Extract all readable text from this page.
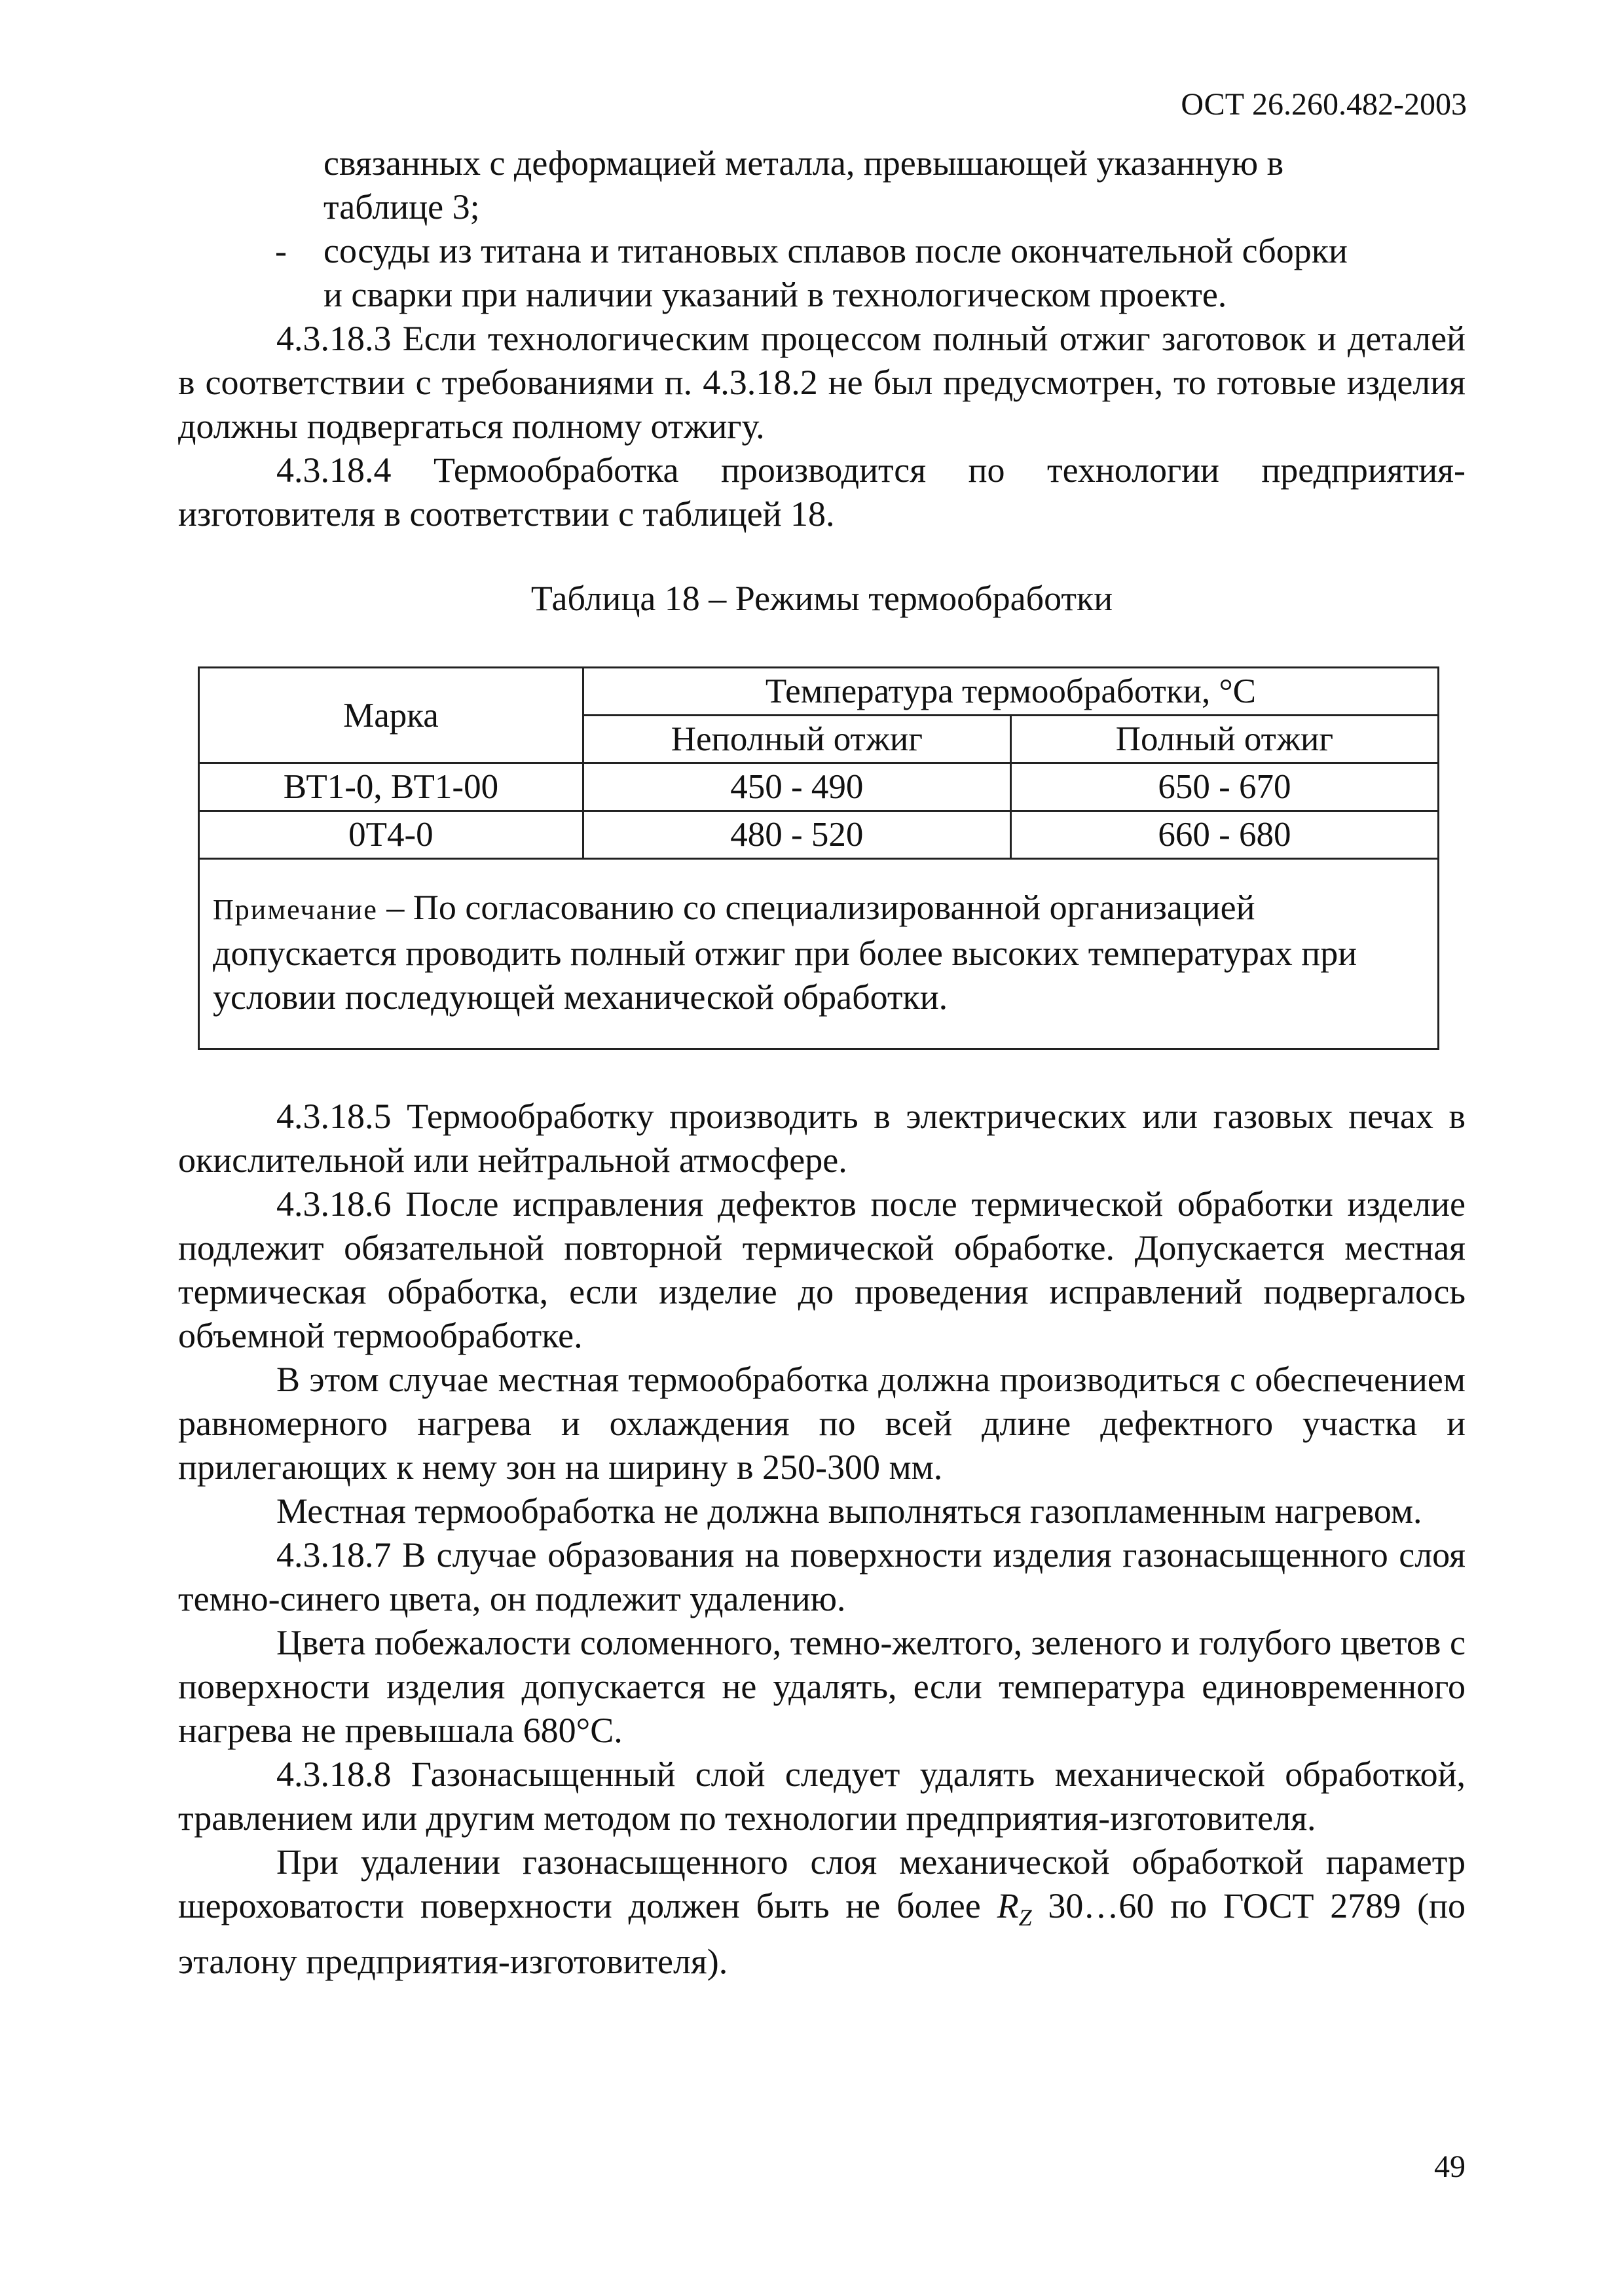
ОСТ 26.260.482-2003

связанных с деформацией металла, превышающей указанную в

таблице 3;

- сосуды из титана и титановых сплавов после окончательной сборки

и сварки при наличии указаний в технологическом проекте.

4.3.18.3 Если технологическим процессом полный отжиг заготовок и деталей в соответствии с требованиями п. 4.3.18.2 не был предусмотрен, то готовые изделия должны подвергаться полному отжигу.

4.3.18.4 Термообработка производится по технологии предприятия-изготовителя в соответствии с таблицей 18.

Таблица 18 – Режимы термообработки
Марка	Температура термообработки, °С	
	Неполный отжиг	Полный отжиг
ВТ1-0, ВТ1-00	450 - 490	650 - 670
0Т4-0	480 - 520	660 - 680
Примечание – По согласованию со специализированной организацией допускается проводить полный отжиг при более высоких температурах при условии последующей механической обработки.		

4.3.18.5 Термообработку производить в электрических или газовых печах в окислительной или нейтральной атмосфере.

4.3.18.6 После исправления дефектов после термической обработки изделие подлежит обязательной повторной термической обработке. Допускается местная термическая обработка, если изделие до проведения исправлений подвергалось объемной термообработке.

В этом случае местная термообработка должна производиться с обеспечением равномерного нагрева и охлаждения по всей длине дефектного участка и прилегающих к нему зон на ширину в 250-300 мм.

Местная термообработка не должна выполняться газопламенным нагревом.

4.3.18.7 В случае образования на поверхности изделия газонасыщенного слоя темно-синего цвета, он подлежит удалению.

Цвета побежалости соломенного, темно-желтого, зеленого и голубого цветов с поверхности изделия допускается не удалять, если температура единовременного нагрева не превышала 680°С.

4.3.18.8 Газонасыщенный слой следует удалять механической обработкой, травлением или другим методом по технологии предприятия-изготовителя.

При удалении газонасыщенного слоя механической обработкой параметр шероховатости поверхности должен быть не более $R_Z$ 30…60 по ГОСТ 2789 (по эталону предприятия-изготовителя).

49
